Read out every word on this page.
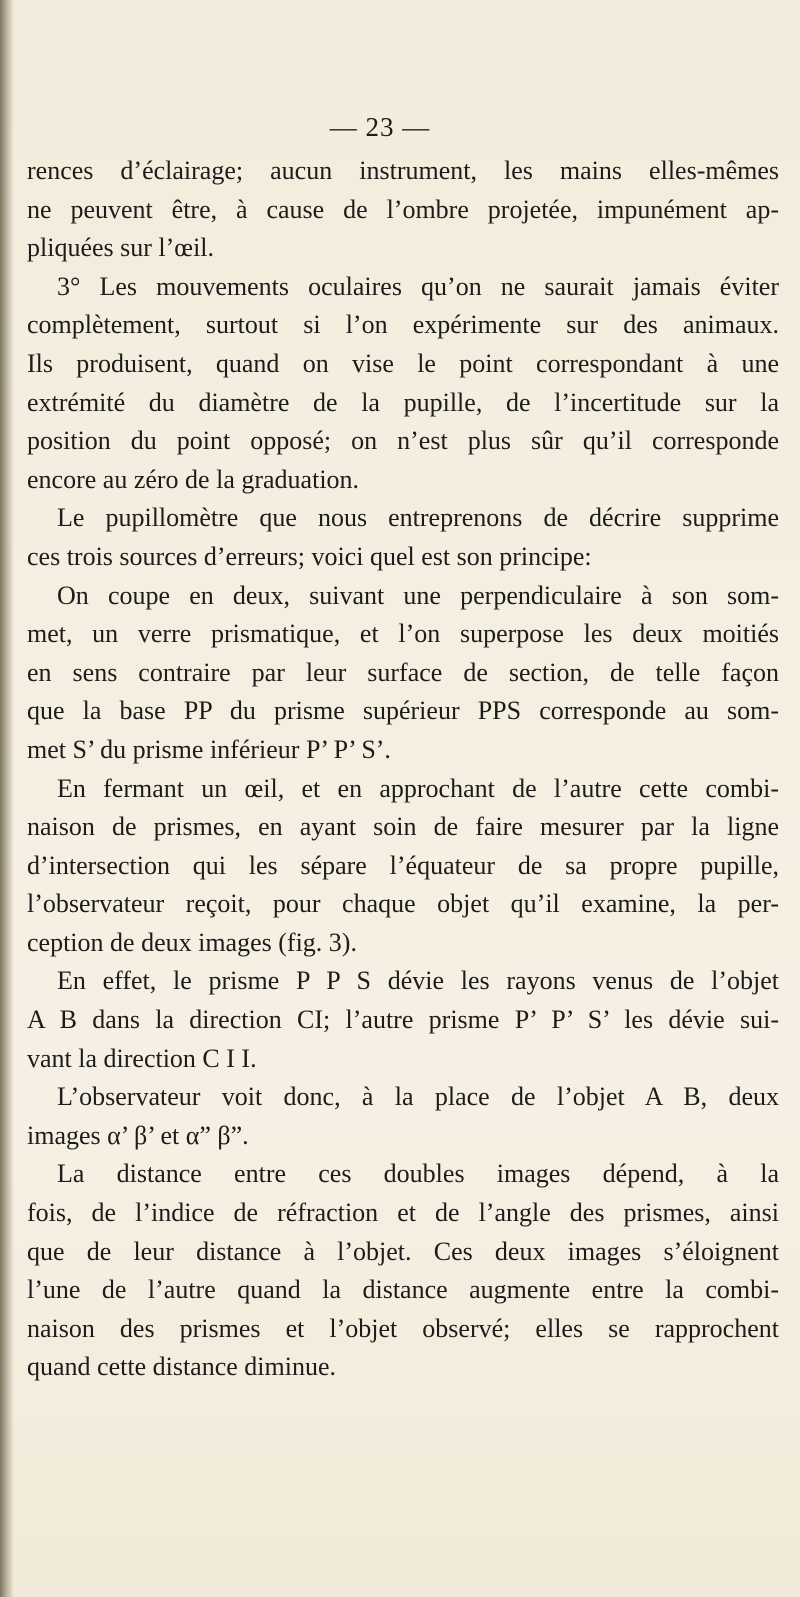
— 23 —
rences d’éclairage; aucun instrument, les mains elles-mêmes
ne peuvent être, à cause de l’ombre projetée, impunément ap-
pliquées sur l’œil.
3° Les mouvements oculaires qu’on ne saurait jamais éviter
complètement, surtout si l’on expérimente sur des animaux.
Ils produisent, quand on vise le point correspondant à une
extrémité du diamètre de la pupille, de l’incertitude sur la
position du point opposé; on n’est plus sûr qu’il corresponde
encore au zéro de la graduation.
Le pupillomètre que nous entreprenons de décrire supprime
ces trois sources d’erreurs; voici quel est son principe:
On coupe en deux, suivant une perpendiculaire à son som-
met, un verre prismatique, et l’on superpose les deux moitiés
en sens contraire par leur surface de section, de telle façon
que la base PP du prisme supérieur PPS corresponde au som-
met S’ du prisme inférieur P’ P’ S’.
En fermant un œil, et en approchant de l’autre cette combi-
naison de prismes, en ayant soin de faire mesurer par la ligne
d’intersection qui les sépare l’équateur de sa propre pupille,
l’observateur reçoit, pour chaque objet qu’il examine, la per-
ception de deux images (fig. 3).
En effet, le prisme P P S dévie les rayons venus de l’objet
A B dans la direction CI; l’autre prisme P’ P’ S’ les dévie sui-
vant la direction C I I.
L’observateur voit donc, à la place de l’objet A B, deux
images α’ β’ et α” β”.
La distance entre ces doubles images dépend, à la
fois, de l’indice de réfraction et de l’angle des prismes, ainsi
que de leur distance à l’objet. Ces deux images s’éloignent
l’une de l’autre quand la distance augmente entre la combi-
naison des prismes et l’objet observé; elles se rapprochent
quand cette distance diminue.
